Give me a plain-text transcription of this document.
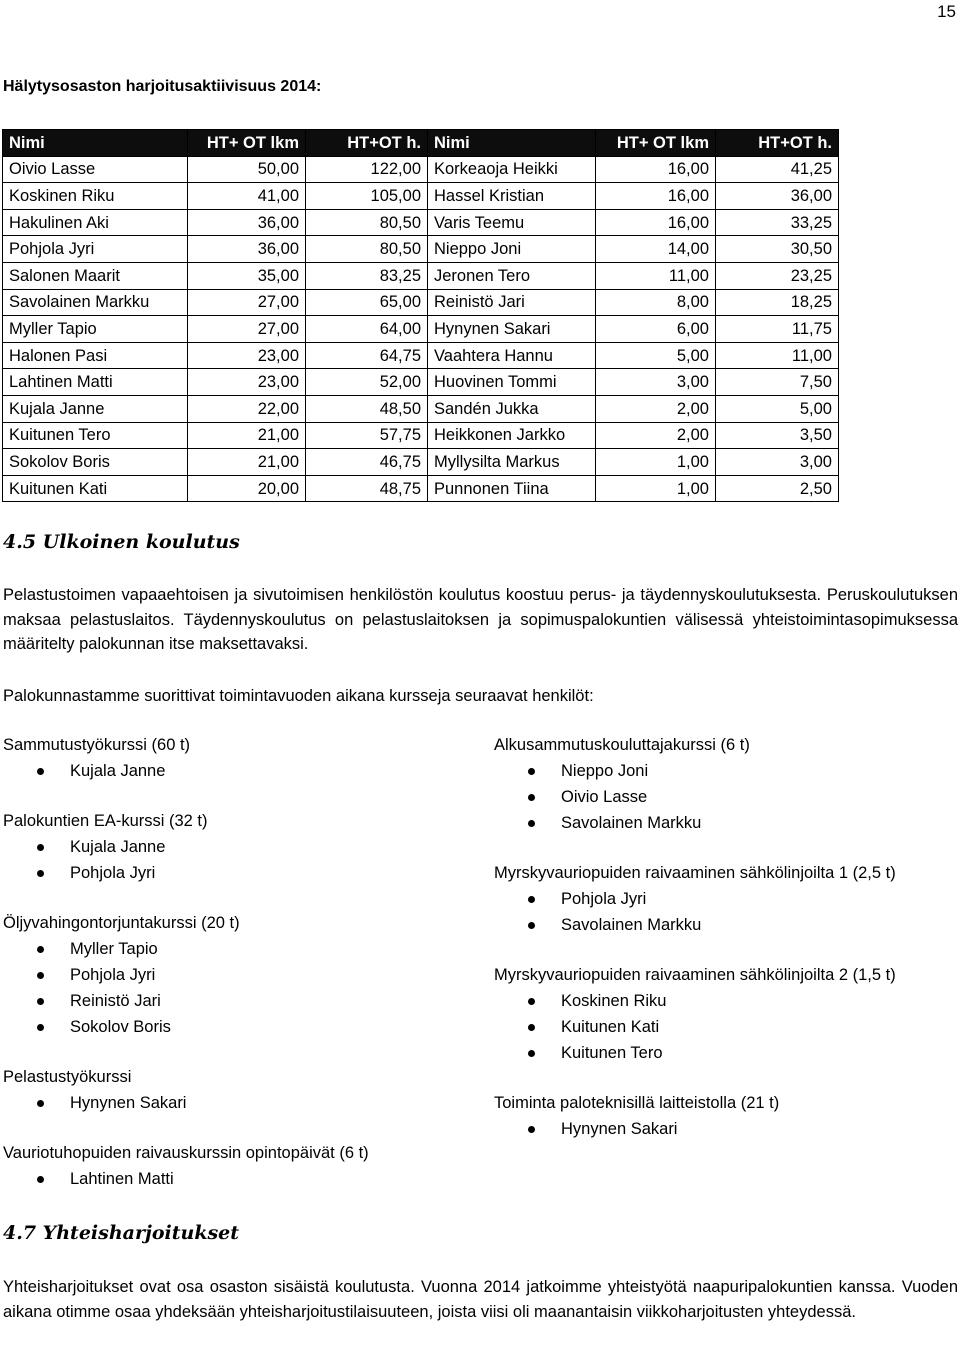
15
Hälytysosaston harjoitusaktiivisuus 2014:
Nimi	HT+ OT lkm	HT+OT h.	Nimi	HT+ OT lkm	HT+OT h.
Oivio Lasse	50,00	122,00	Korkeaoja Heikki	16,00	41,25
Koskinen Riku	41,00	105,00	Hassel Kristian	16,00	36,00
Hakulinen Aki	36,00	80,50	Varis Teemu	16,00	33,25
Pohjola Jyri	36,00	80,50	Nieppo Joni	14,00	30,50
Salonen Maarit	35,00	83,25	Jeronen Tero	11,00	23,25
Savolainen Markku	27,00	65,00	Reinistö Jari	8,00	18,25
Myller Tapio	27,00	64,00	Hynynen Sakari	6,00	11,75
Halonen Pasi	23,00	64,75	Vaahtera Hannu	5,00	11,00
Lahtinen Matti	23,00	52,00	Huovinen Tommi	3,00	7,50
Kujala Janne	22,00	48,50	Sandén Jukka	2,00	5,00
Kuitunen Tero	21,00	57,75	Heikkonen Jarkko	2,00	3,50
Sokolov Boris	21,00	46,75	Myllysilta Markus	1,00	3,00
Kuitunen Kati	20,00	48,75	Punnonen Tiina	1,00	2,50
4.5 Ulkoinen koulutus
Pelastustoimen vapaaehtoisen ja sivutoimisen henkilöstön koulutus koostuu perus- ja täydennyskoulutuksesta. Peruskoulutuksen maksaa pelastuslaitos. Täydennyskoulutus on pelastuslaitoksen ja sopimuspalokuntien välisessä yhteistoimintasopimuksessa määritelty palokunnan itse maksettavaksi.
Palokunnastamme suorittivat toimintavuoden aikana kursseja seuraavat henkilöt:
Sammutustyökurssi (60 t)
Kujala Janne
Palokuntien EA-kurssi (32 t)
Kujala Janne
Pohjola Jyri
Öljyvahingontorjuntakurssi (20 t)
Myller Tapio
Pohjola Jyri
Reinistö Jari
Sokolov Boris
Pelastustyökurssi
Hynynen Sakari
Vauriotuhopuiden raivauskurssin opintopäivät (6 t)
Lahtinen Matti
Alkusammutuskouluttajakurssi (6 t)
Nieppo Joni
Oivio Lasse
Savolainen Markku
Myrskyvauriopuiden raivaaminen sähkölinjoilta 1 (2,5 t)
Pohjola Jyri
Savolainen Markku
Myrskyvauriopuiden raivaaminen sähkölinjoilta 2 (1,5 t)
Koskinen Riku
Kuitunen Kati
Kuitunen Tero
Toiminta paloteknisillä laitteistolla (21 t)
Hynynen Sakari
4.7 Yhteisharjoitukset
Yhteisharjoitukset ovat osa osaston sisäistä koulutusta. Vuonna 2014 jatkoimme yhteistyötä naapuripalokuntien kanssa. Vuoden aikana otimme osaa yhdeksään yhteisharjoitustilaisuuteen, joista viisi oli maanantaisin viikkoharjoitusten yhteydessä.
